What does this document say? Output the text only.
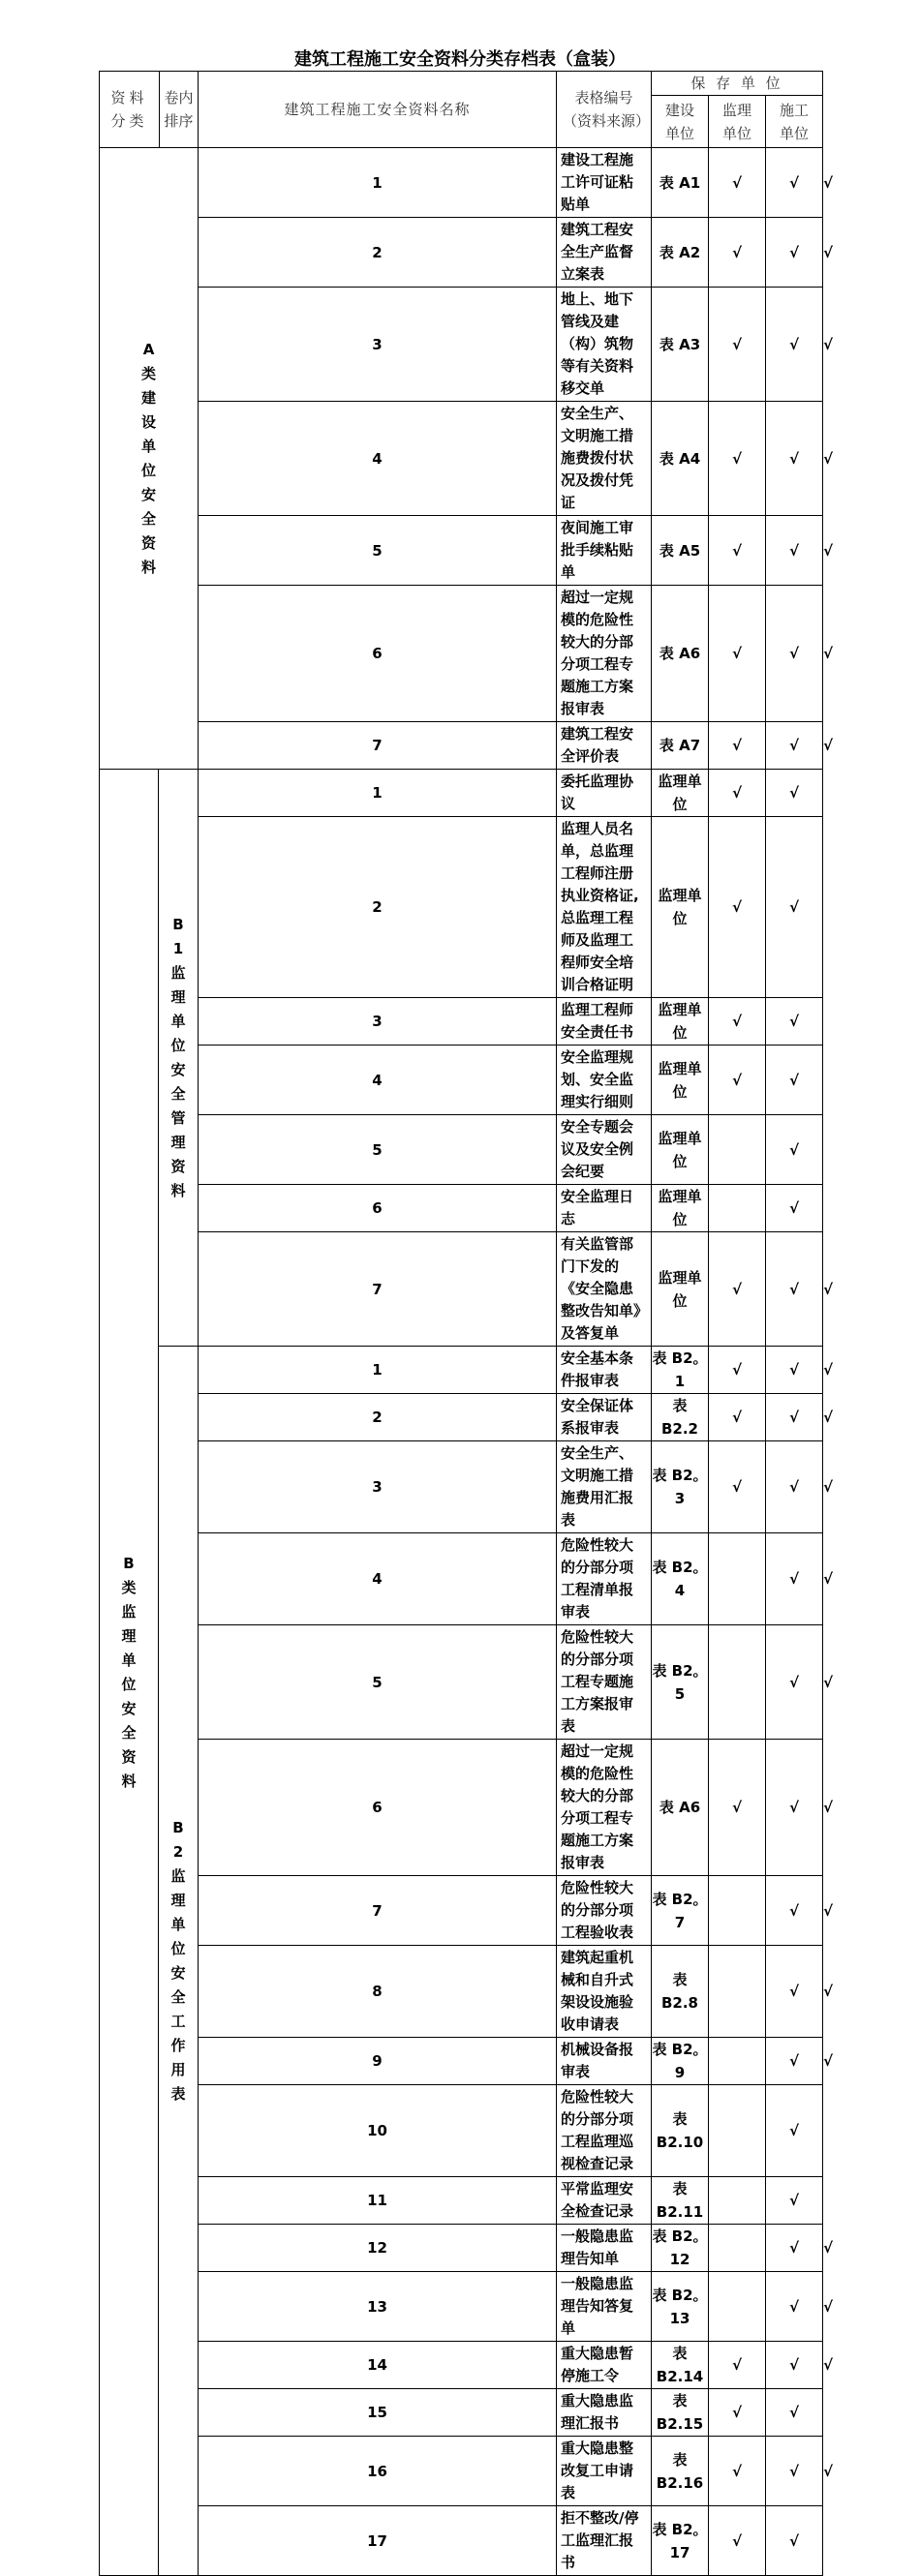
建筑工程施工安全资料分类存档表（盒装）
资料分类
卷内排序		建筑工程施工安全资料名称	表格编号（资料来源）	保 存 单 位			

				建设单位	监理单位	施工单位	

A类建设单位安全资料		1	建设工程施工许可证粘贴单	表 A1	√	√	√
		2	建筑工程安全生产监督立案表	表 A2	√	√	√
		3	地上、地下管线及建（构）筑物等有关资料移交单	表 A3	√	√	√
		4	安全生产、文明施工措施费拨付状况及拨付凭证	表 A4	√	√	√
		5	夜间施工审批手续粘贴单	表 A5	√	√	√
		6	超过一定规模的危险性较大的分部分项工程专题施工方案报审表	表 A6	√	√	√
		7	建筑工程安全评价表	表 A7	√	√	√

B类监理单位安全资料	B1监理单位安全管理资料	1	委托监理协议	监理单位	√	√	
		2	监理人员名单，总监理工程师注册执业资格证,总监理工程师及监理工程师安全培训合格证明	监理单位	√	√	
		3	监理工程师安全责任书	监理单位	√	√	
		4	安全监理规划、安全监理实行细则	监理单位	√	√	
		5	安全专题会议及安全例会纪要	监理单位		√	
		6	安全监理日志	监理单位		√	
		7	有关监管部门下发的《安全隐患整改告知单》及答复单	监理单位	√	√	√

	B2监理单位安全工作用表	1	安全基本条件报审表	表 B2。1	√	√	√
		2	安全保证体系报审表	表 B2.2	√	√	√
		3	安全生产、文明施工措施费用汇报表	表 B2。3	√	√	√
		4	危险性较大的分部分项工程清单报审表	表 B2。4		√	√
		5	危险性较大的分部分项工程专题施工方案报审表	表 B2。5		√	√
		6	超过一定规模的危险性较大的分部分项工程专题施工方案报审表	表 A6	√	√	√
		7	危险性较大的分部分项工程验收表	表 B2。7		√	√
		8	建筑起重机械和自升式架设设施验收申请表	表 B2.8		√	√
		9	机械设备报审表	表 B2。9		√	√
		10	危险性较大的分部分项工程监理巡视检查记录	表 B2.10		√	
		11	平常监理安全检查记录	表 B2.11		√	
		12	一般隐患监理告知单	表 B2。12		√	√
		13	一般隐患监理告知答复单	表 B2。13		√	√
		14	重大隐患暂停施工令	表 B2.14	√	√	√
		15	重大隐患监理汇报书	表 B2.15	√	√	
		16	重大隐患整改复工申请表	表 B2.16	√	√	√
		17	拒不整改/停工监理汇报书	表 B2。17	√	√	
